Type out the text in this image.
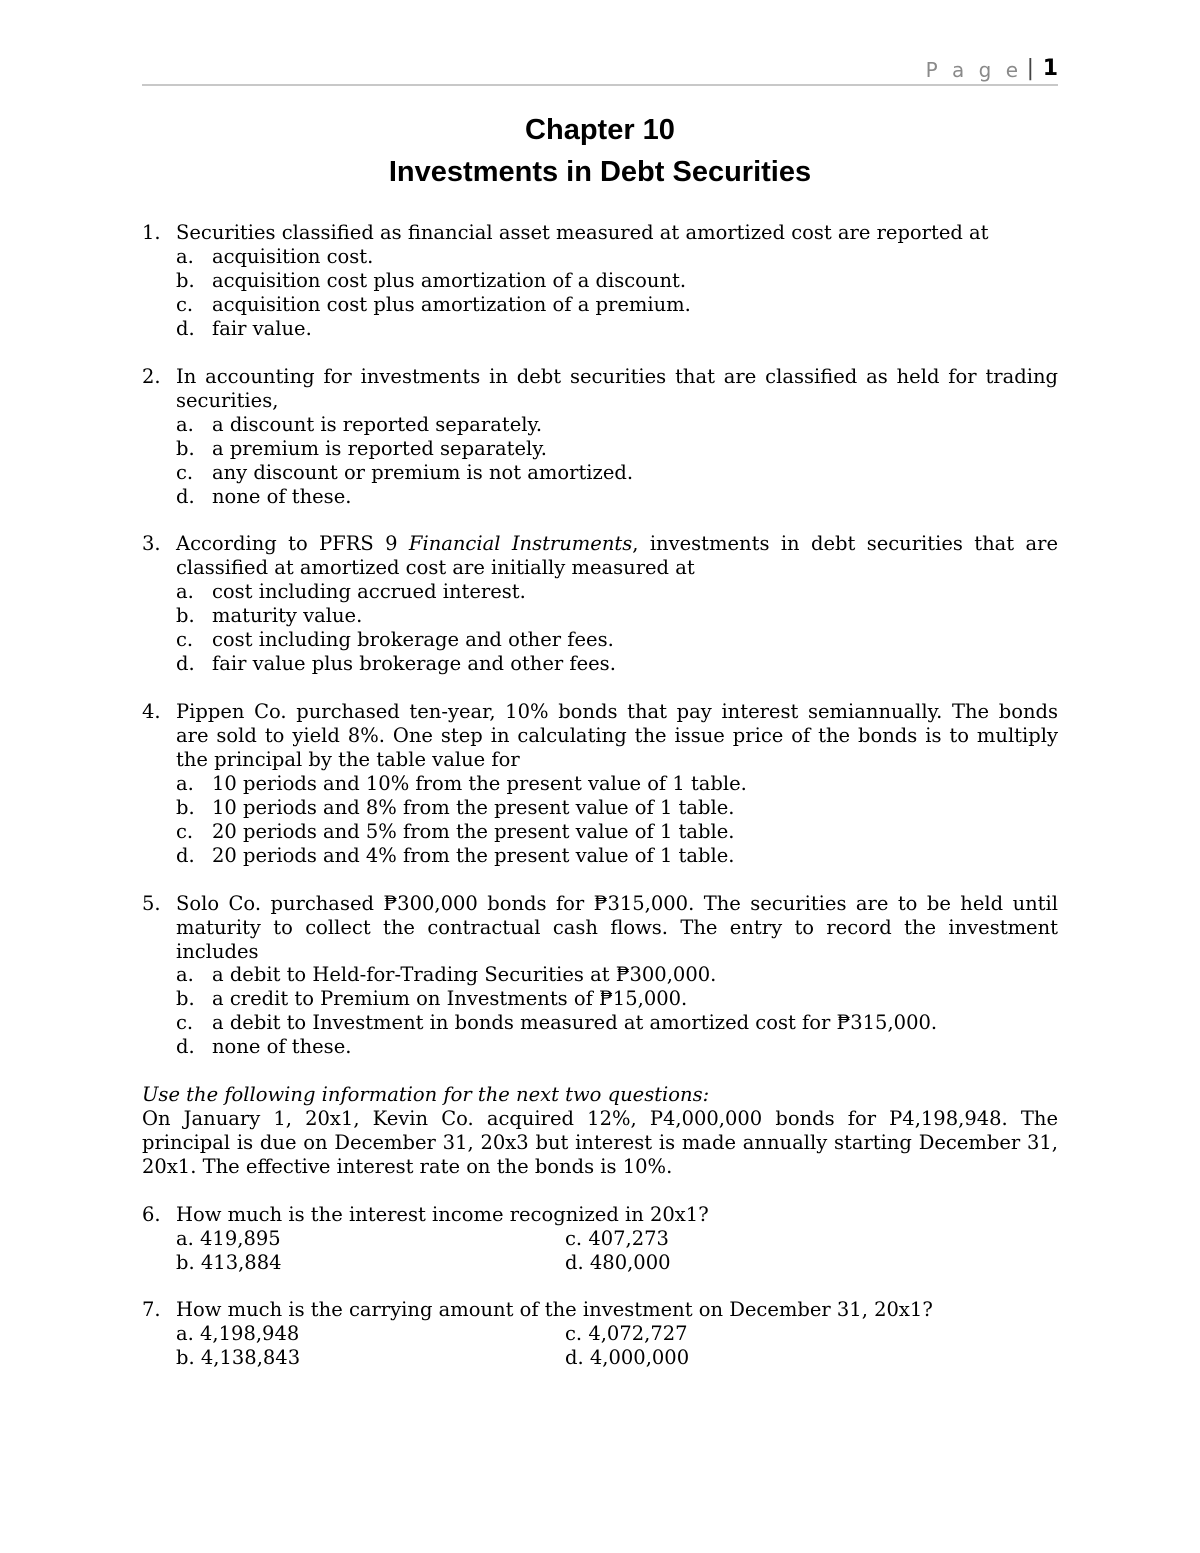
P a g e | 1
Chapter 10
Investments in Debt Securities
1. Securities classified as financial asset measured at amortized cost are reported at
a. acquisition cost.
b. acquisition cost plus amortization of a discount.
c. acquisition cost plus amortization of a premium.
d. fair value.
2. In accounting for investments in debt securities that are classified as held for trading securities,
a. a discount is reported separately.
b. a premium is reported separately.
c. any discount or premium is not amortized.
d. none of these.
3. According to PFRS 9 Financial Instruments, investments in debt securities that are classified at amortized cost are initially measured at
a. cost including accrued interest.
b. maturity value.
c. cost including brokerage and other fees.
d. fair value plus brokerage and other fees.
4. Pippen Co. purchased ten-year, 10% bonds that pay interest semiannually. The bonds are sold to yield 8%. One step in calculating the issue price of the bonds is to multiply the principal by the table value for
a. 10 periods and 10% from the present value of 1 table.
b. 10 periods and 8% from the present value of 1 table.
c. 20 periods and 5% from the present value of 1 table.
d. 20 periods and 4% from the present value of 1 table.
5. Solo Co. purchased ₱300,000 bonds for ₱315,000. The securities are to be held until maturity to collect the contractual cash flows. The entry to record the investment includes
a. a debit to Held-for-Trading Securities at ₱300,000.
b. a credit to Premium on Investments of ₱15,000.
c. a debit to Investment in bonds measured at amortized cost for ₱315,000.
d. none of these.
Use the following information for the next two questions:
On January 1, 20x1, Kevin Co. acquired 12%, P4,000,000 bonds for P4,198,948. The principal is due on December 31, 20x3 but interest is made annually starting December 31, 20x1. The effective interest rate on the bonds is 10%.
6. How much is the interest income recognized in 20x1?
a. 419,895	c. 407,273
b. 413,884	d. 480,000
7. How much is the carrying amount of the investment on December 31, 20x1?
a. 4,198,948	c. 4,072,727
b. 4,138,843	d. 4,000,000
